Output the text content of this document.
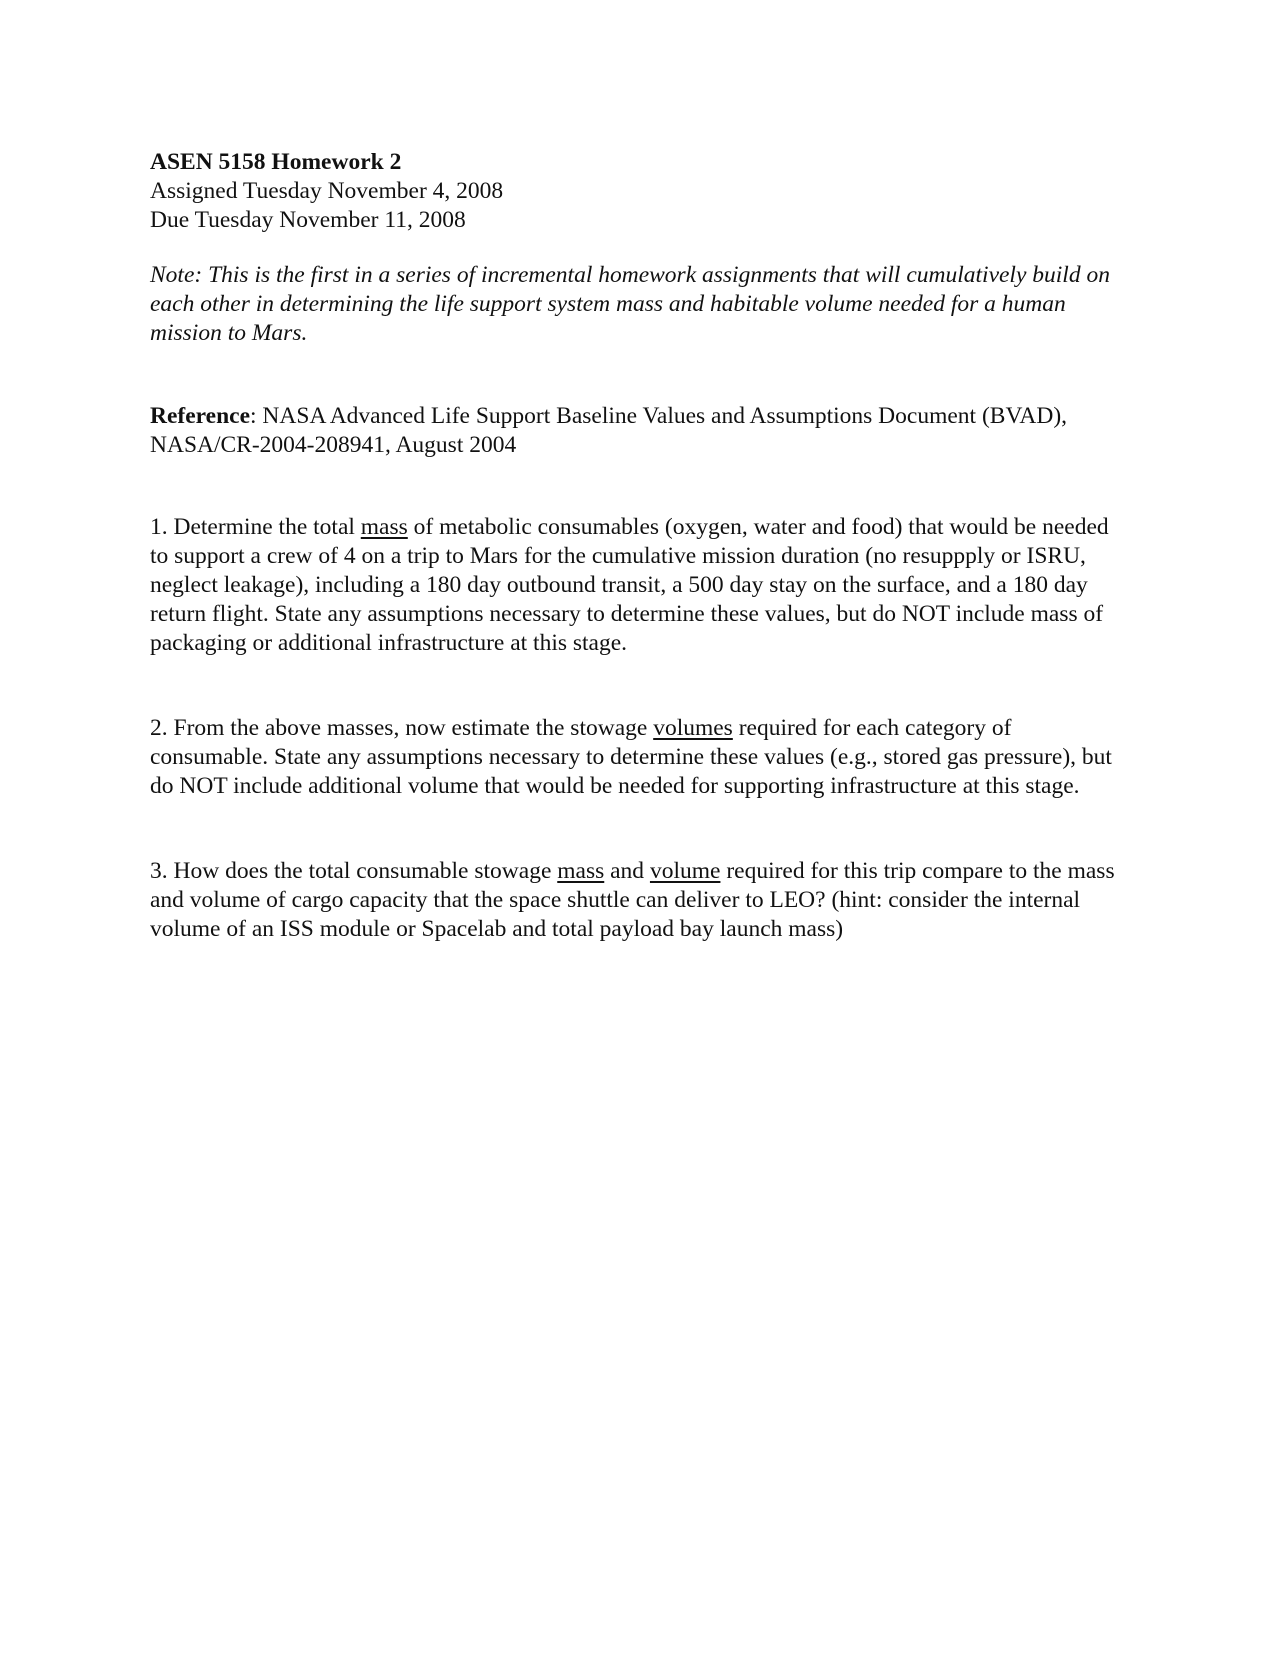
ASEN 5158 Homework 2

Assigned Tuesday November 4, 2008

Due Tuesday November 11, 2008

Note: This is the first in a series of incremental homework assignments that will cumulatively build on each other in determining the life support system mass and habitable volume needed for a human mission to Mars.

Reference: NASA Advanced Life Support Baseline Values and Assumptions Document (BVAD), NASA/CR-2004-208941, August 2004

1. Determine the total mass of metabolic consumables (oxygen, water and food) that would be needed to support a crew of 4 on a trip to Mars for the cumulative mission duration (no resuppply or ISRU, neglect leakage), including a 180 day outbound transit, a 500 day stay on the surface, and a 180 day return flight. State any assumptions necessary to determine these values, but do NOT include mass of packaging or additional infrastructure at this stage.

2. From the above masses, now estimate the stowage volumes required for each category of consumable. State any assumptions necessary to determine these values (e.g., stored gas pressure), but do NOT include additional volume that would be needed for supporting infrastructure at this stage.

3. How does the total consumable stowage mass and volume required for this trip compare to the mass and volume of cargo capacity that the space shuttle can deliver to LEO? (hint: consider the internal volume of an ISS module or Spacelab and total payload bay launch mass)
